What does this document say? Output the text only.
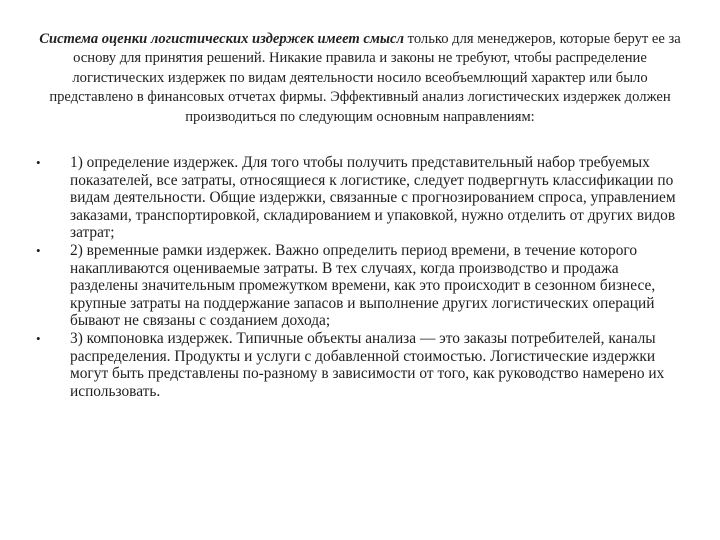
Система оценки логистических издержек имеет смысл только для менеджеров, которые берут ее за основу для принятия решений. Никакие правила и законы не требуют, чтобы распределение логистических издержек по видам деятельности носило всеобъемлющий характер или было представлено в финансовых отчетах фирмы. Эффективный анализ логистических издержек должен производиться по следующим основным направлениям:

•	1) определение издержек. Для того чтобы получить представительный набор требуемых показателей, все затраты, относящиеся к логистике, следует подвергнуть классификации по видам деятельности. Общие издержки, связанные с прогнозированием спроса, управлением заказами, транспортировкой, складированием и упаковкой, нужно отделить от других видов затрат;
•	2) временные рамки издержек. Важно определить период времени, в течение которого накапливаются оцениваемые затраты. В тех случаях, когда производство и продажа разделены значительным промежутком времени, как это происходит в сезонном бизнесе, крупные затраты на поддержание запасов и выполнение других логистических операций бывают не связаны с созданием дохода;
•	3) компоновка издержек. Типичные объекты анализа — это заказы потребителей, каналы распределения. Продукты и услуги с добавленной стоимостью. Логистические издержки могут быть представлены по-разному в зависимости от того, как руководство намерено их использовать.
